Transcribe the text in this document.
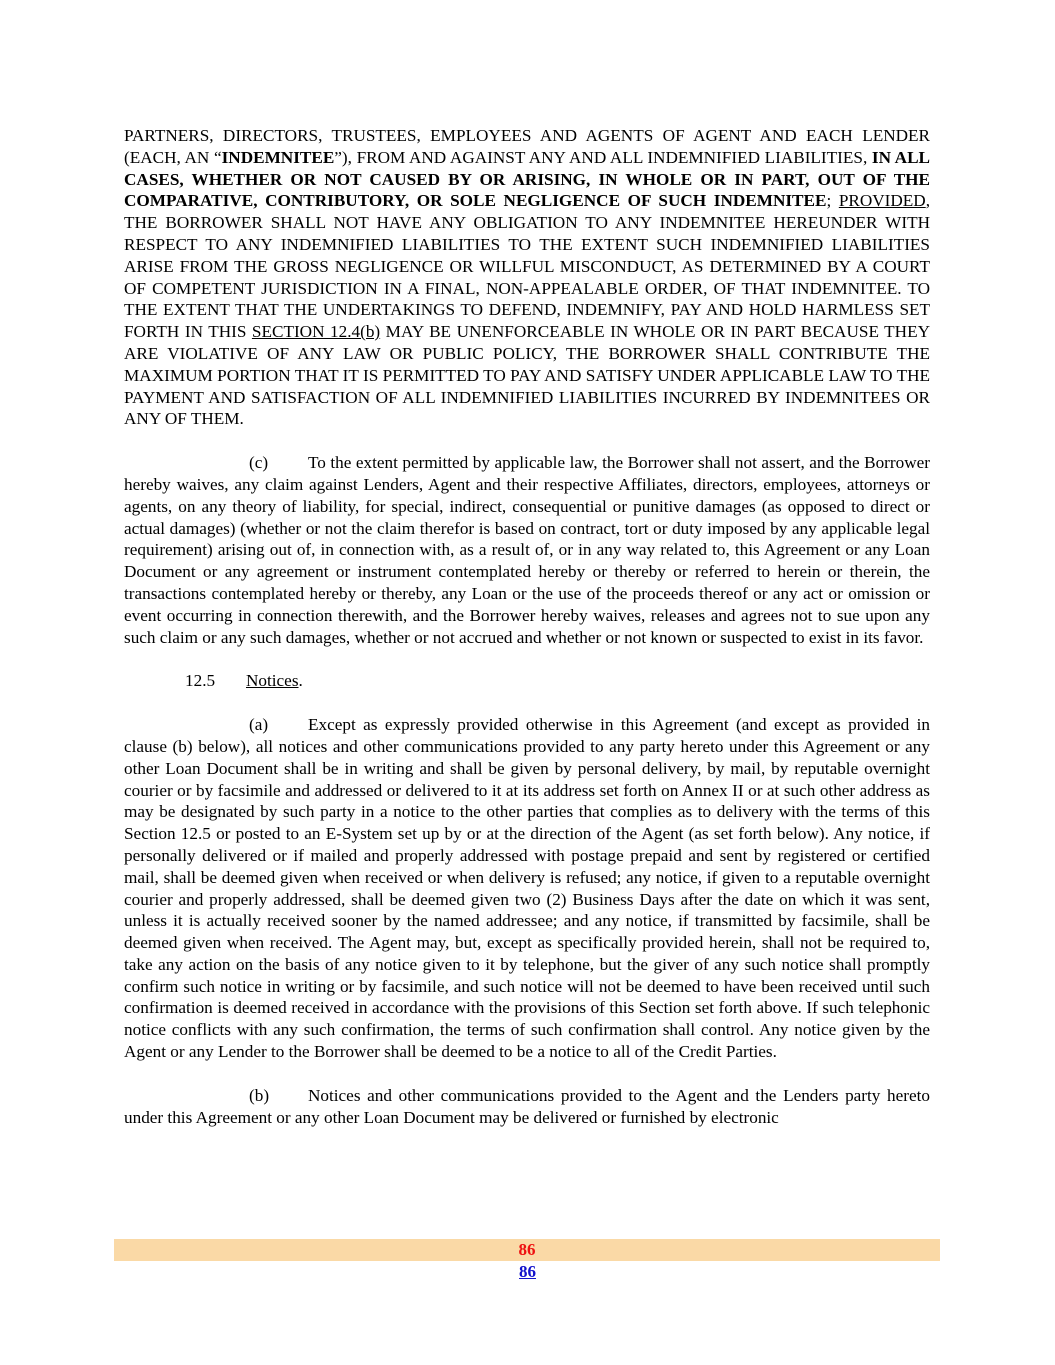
PARTNERS, DIRECTORS, TRUSTEES, EMPLOYEES AND AGENTS OF AGENT AND EACH LENDER (EACH, AN “INDEMNITEE”), FROM AND AGAINST ANY AND ALL INDEMNIFIED LIABILITIES, IN ALL CASES, WHETHER OR NOT CAUSED BY OR ARISING, IN WHOLE OR IN PART, OUT OF THE COMPARATIVE, CONTRIBUTORY, OR SOLE NEGLIGENCE OF SUCH INDEMNITEE; PROVIDED, THE BORROWER SHALL NOT HAVE ANY OBLIGATION TO ANY INDEMNITEE HEREUNDER WITH RESPECT TO ANY INDEMNIFIED LIABILITIES TO THE EXTENT SUCH INDEMNIFIED LIABILITIES ARISE FROM THE GROSS NEGLIGENCE OR WILLFUL MISCONDUCT, AS DETERMINED BY A COURT OF COMPETENT JURISDICTION IN A FINAL, NON-APPEALABLE ORDER, OF THAT INDEMNITEE. TO THE EXTENT THAT THE UNDERTAKINGS TO DEFEND, INDEMNIFY, PAY AND HOLD HARMLESS SET FORTH IN THIS SECTION 12.4(b) MAY BE UNENFORCEABLE IN WHOLE OR IN PART BECAUSE THEY ARE VIOLATIVE OF ANY LAW OR PUBLIC POLICY, THE BORROWER SHALL CONTRIBUTE THE MAXIMUM PORTION THAT IT IS PERMITTED TO PAY AND SATISFY UNDER APPLICABLE LAW TO THE PAYMENT AND SATISFACTION OF ALL INDEMNIFIED LIABILITIES INCURRED BY INDEMNITEES OR ANY OF THEM.

(c) To the extent permitted by applicable law, the Borrower shall not assert, and the Borrower hereby waives, any claim against Lenders, Agent and their respective Affiliates, directors, employees, attorneys or agents, on any theory of liability, for special, indirect, consequential or punitive damages (as opposed to direct or actual damages) (whether or not the claim therefor is based on contract, tort or duty imposed by any applicable legal requirement) arising out of, in connection with, as a result of, or in any way related to, this Agreement or any Loan Document or any agreement or instrument contemplated hereby or thereby or referred to herein or therein, the transactions contemplated hereby or thereby, any Loan or the use of the proceeds thereof or any act or omission or event occurring in connection therewith, and the Borrower hereby waives, releases and agrees not to sue upon any such claim or any such damages, whether or not accrued and whether or not known or suspected to exist in its favor.

12.5 Notices.

(a) Except as expressly provided otherwise in this Agreement (and except as provided in clause (b) below), all notices and other communications provided to any party hereto under this Agreement or any other Loan Document shall be in writing and shall be given by personal delivery, by mail, by reputable overnight courier or by facsimile and addressed or delivered to it at its address set forth on Annex II or at such other address as may be designated by such party in a notice to the other parties that complies as to delivery with the terms of this Section 12.5 or posted to an E-System set up by or at the direction of the Agent (as set forth below). Any notice, if personally delivered or if mailed and properly addressed with postage prepaid and sent by registered or certified mail, shall be deemed given when received or when delivery is refused; any notice, if given to a reputable overnight courier and properly addressed, shall be deemed given two (2) Business Days after the date on which it was sent, unless it is actually received sooner by the named addressee; and any notice, if transmitted by facsimile, shall be deemed given when received. The Agent may, but, except as specifically provided herein, shall not be required to, take any action on the basis of any notice given to it by telephone, but the giver of any such notice shall promptly confirm such notice in writing or by facsimile, and such notice will not be deemed to have been received until such confirmation is deemed received in accordance with the provisions of this Section set forth above. If such telephonic notice conflicts with any such confirmation, the terms of such confirmation shall control. Any notice given by the Agent or any Lender to the Borrower shall be deemed to be a notice to all of the Credit Parties.

(b) Notices and other communications provided to the Agent and the Lenders party hereto under this Agreement or any other Loan Document may be delivered or furnished by electronic

86
86
